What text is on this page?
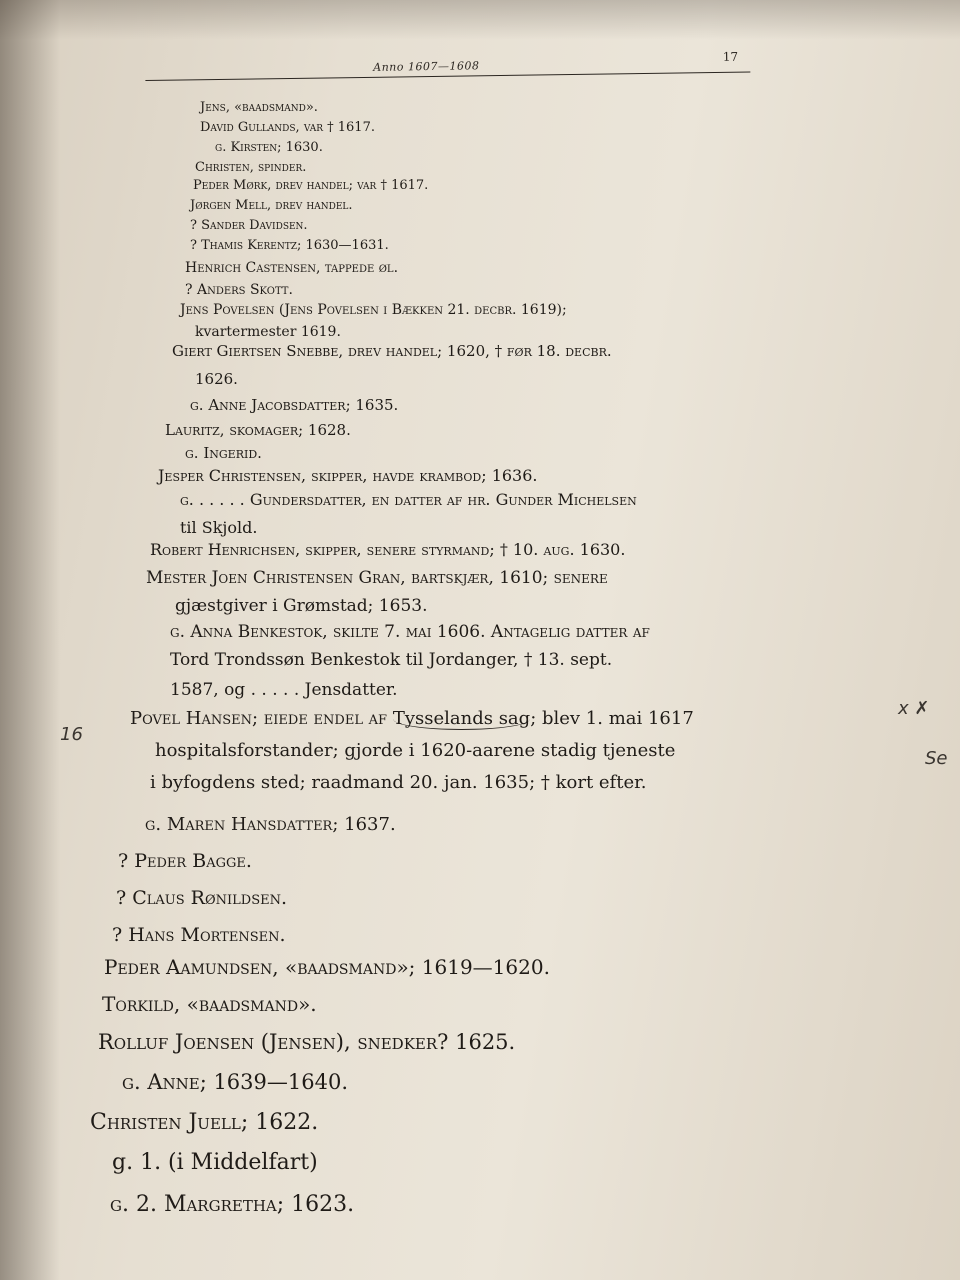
Anno 1607—1608
17
Jens, «baadsmand».
David Gullands, var † 1617.
g. Kirsten; 1630.
Christen, spinder.
Peder Mørk, drev handel; var † 1617.
Jørgen Mell, drev handel.
? Sander Davidsen.
? Thamis Kerentz; 1630—1631.
Henrich Castensen, tappede øl.
? Anders Skott.
Jens Povelsen (Jens Povelsen i Bækken 21. decbr. 1619);
kvartermester 1619.
Giert Giertsen Snebbe, drev handel; 1620, † før 18. decbr.
1626.
g. Anne Jacobsdatter; 1635.
Lauritz, skomager; 1628.
g. Ingerid.
Jesper Christensen, skipper, havde krambod; 1636.
g. . . . . . Gundersdatter, en datter af hr. Gunder Michelsen
til Skjold.
Robert Henrichsen, skipper, senere styrmand; † 10. aug. 1630.
Mester Joen Christensen Gran, bartskjær, 1610; senere
gjæstgiver i Grømstad; 1653.
g. Anna Benkestok, skilte 7. mai 1606. Antagelig datter af
Tord Trondssøn Benkestok til Jordanger, † 13. sept.
1587, og . . . . . Jensdatter.
Povel Hansen; eiede endel af Tysselands sag; blev 1. mai 1617
hospitalsforstander; gjorde i 1620-aarene stadig tjeneste
i byfogdens sted; raadmand 20. jan. 1635; † kort efter.
g. Maren Hansdatter; 1637.
? Peder Bagge.
? Claus Rønildsen.
? Hans Mortensen.
Peder Aamundsen, «baadsmand»; 1619—1620.
Torkild, «baadsmand».
Rolluf Joensen (Jensen), snedker? 1625.
g. Anne; 1639—1640.
Christen Juell; 1622.
g. 1. (i Middelfart)
g. 2. Margretha; 1623.
16
x ✗
Se
